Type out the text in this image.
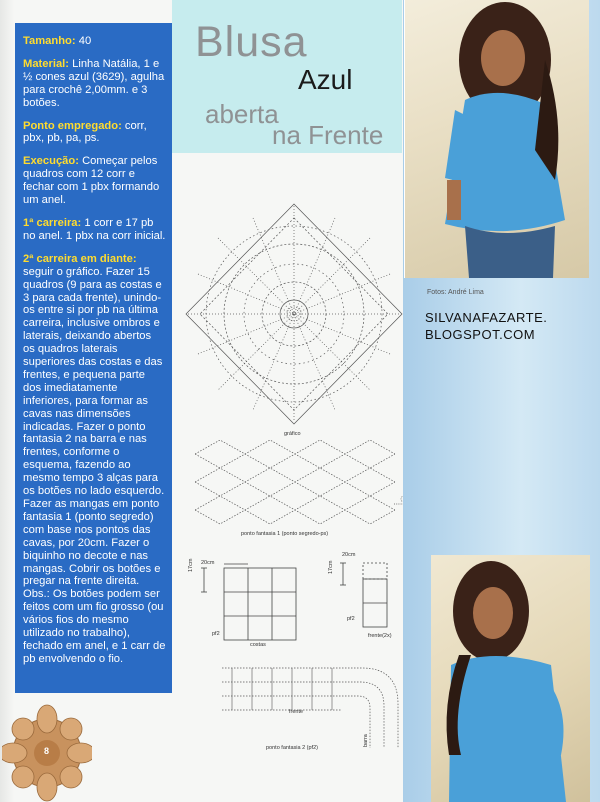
Blusa
Azul
aberta
na Frente

Tamanho: 40

Material: Linha Natália, 1 e ½ cones azul (3629), agulha para crochê 2,00mm. e 3 botões.

Ponto empregado: corr, pbx, pb, pa, ps.

Execução: Começar pelos quadros com 12 corr e fechar com 1 pbx formando um anel.

1ª carreira: 1 corr e 17 pb no anel. 1 pbx na corr inicial.

2ª carreira em diante: seguir o gráfico. Fazer 15 quadros (9 para as costas e 3 para cada frente), unindo-os entre si por pb na última carreira, inclusive ombros e laterais, deixando abertos os quadros laterais superiores das costas e das frentes, e pequena parte dos imediatamente inferiores, para formar as cavas nas dimensões indicadas. Fazer o ponto fantasia 2 na barra e nas frentes, conforme o esquema, fazendo ao mesmo tempo 3 alças para os botões no lado esquerdo. Fazer as mangas em ponto fantasia 1 (ponto segredo) com base nos pontos das cavas, por 20cm. Fazer o biquinho no decote e nas mangas. Cobrir os botões e pregar na frente direita. Obs.: Os botões podem ser feitos com um fio grosso (ou vários fios do mesmo utilizado no trabalho), fechado em anel, e 1 carr de pb envolvendo o fio.

gráfico
ponto fantasia 1 (ponto segredo-ps)

20cm
17cm
pf2
costas
20cm
17cm
pf2
frente(2x)
frente
barra
ponto fantasia 2 (pf2)
Fotos: André Lima
SILVANAFAZARTE.
BLOGSPOT.COM
8
